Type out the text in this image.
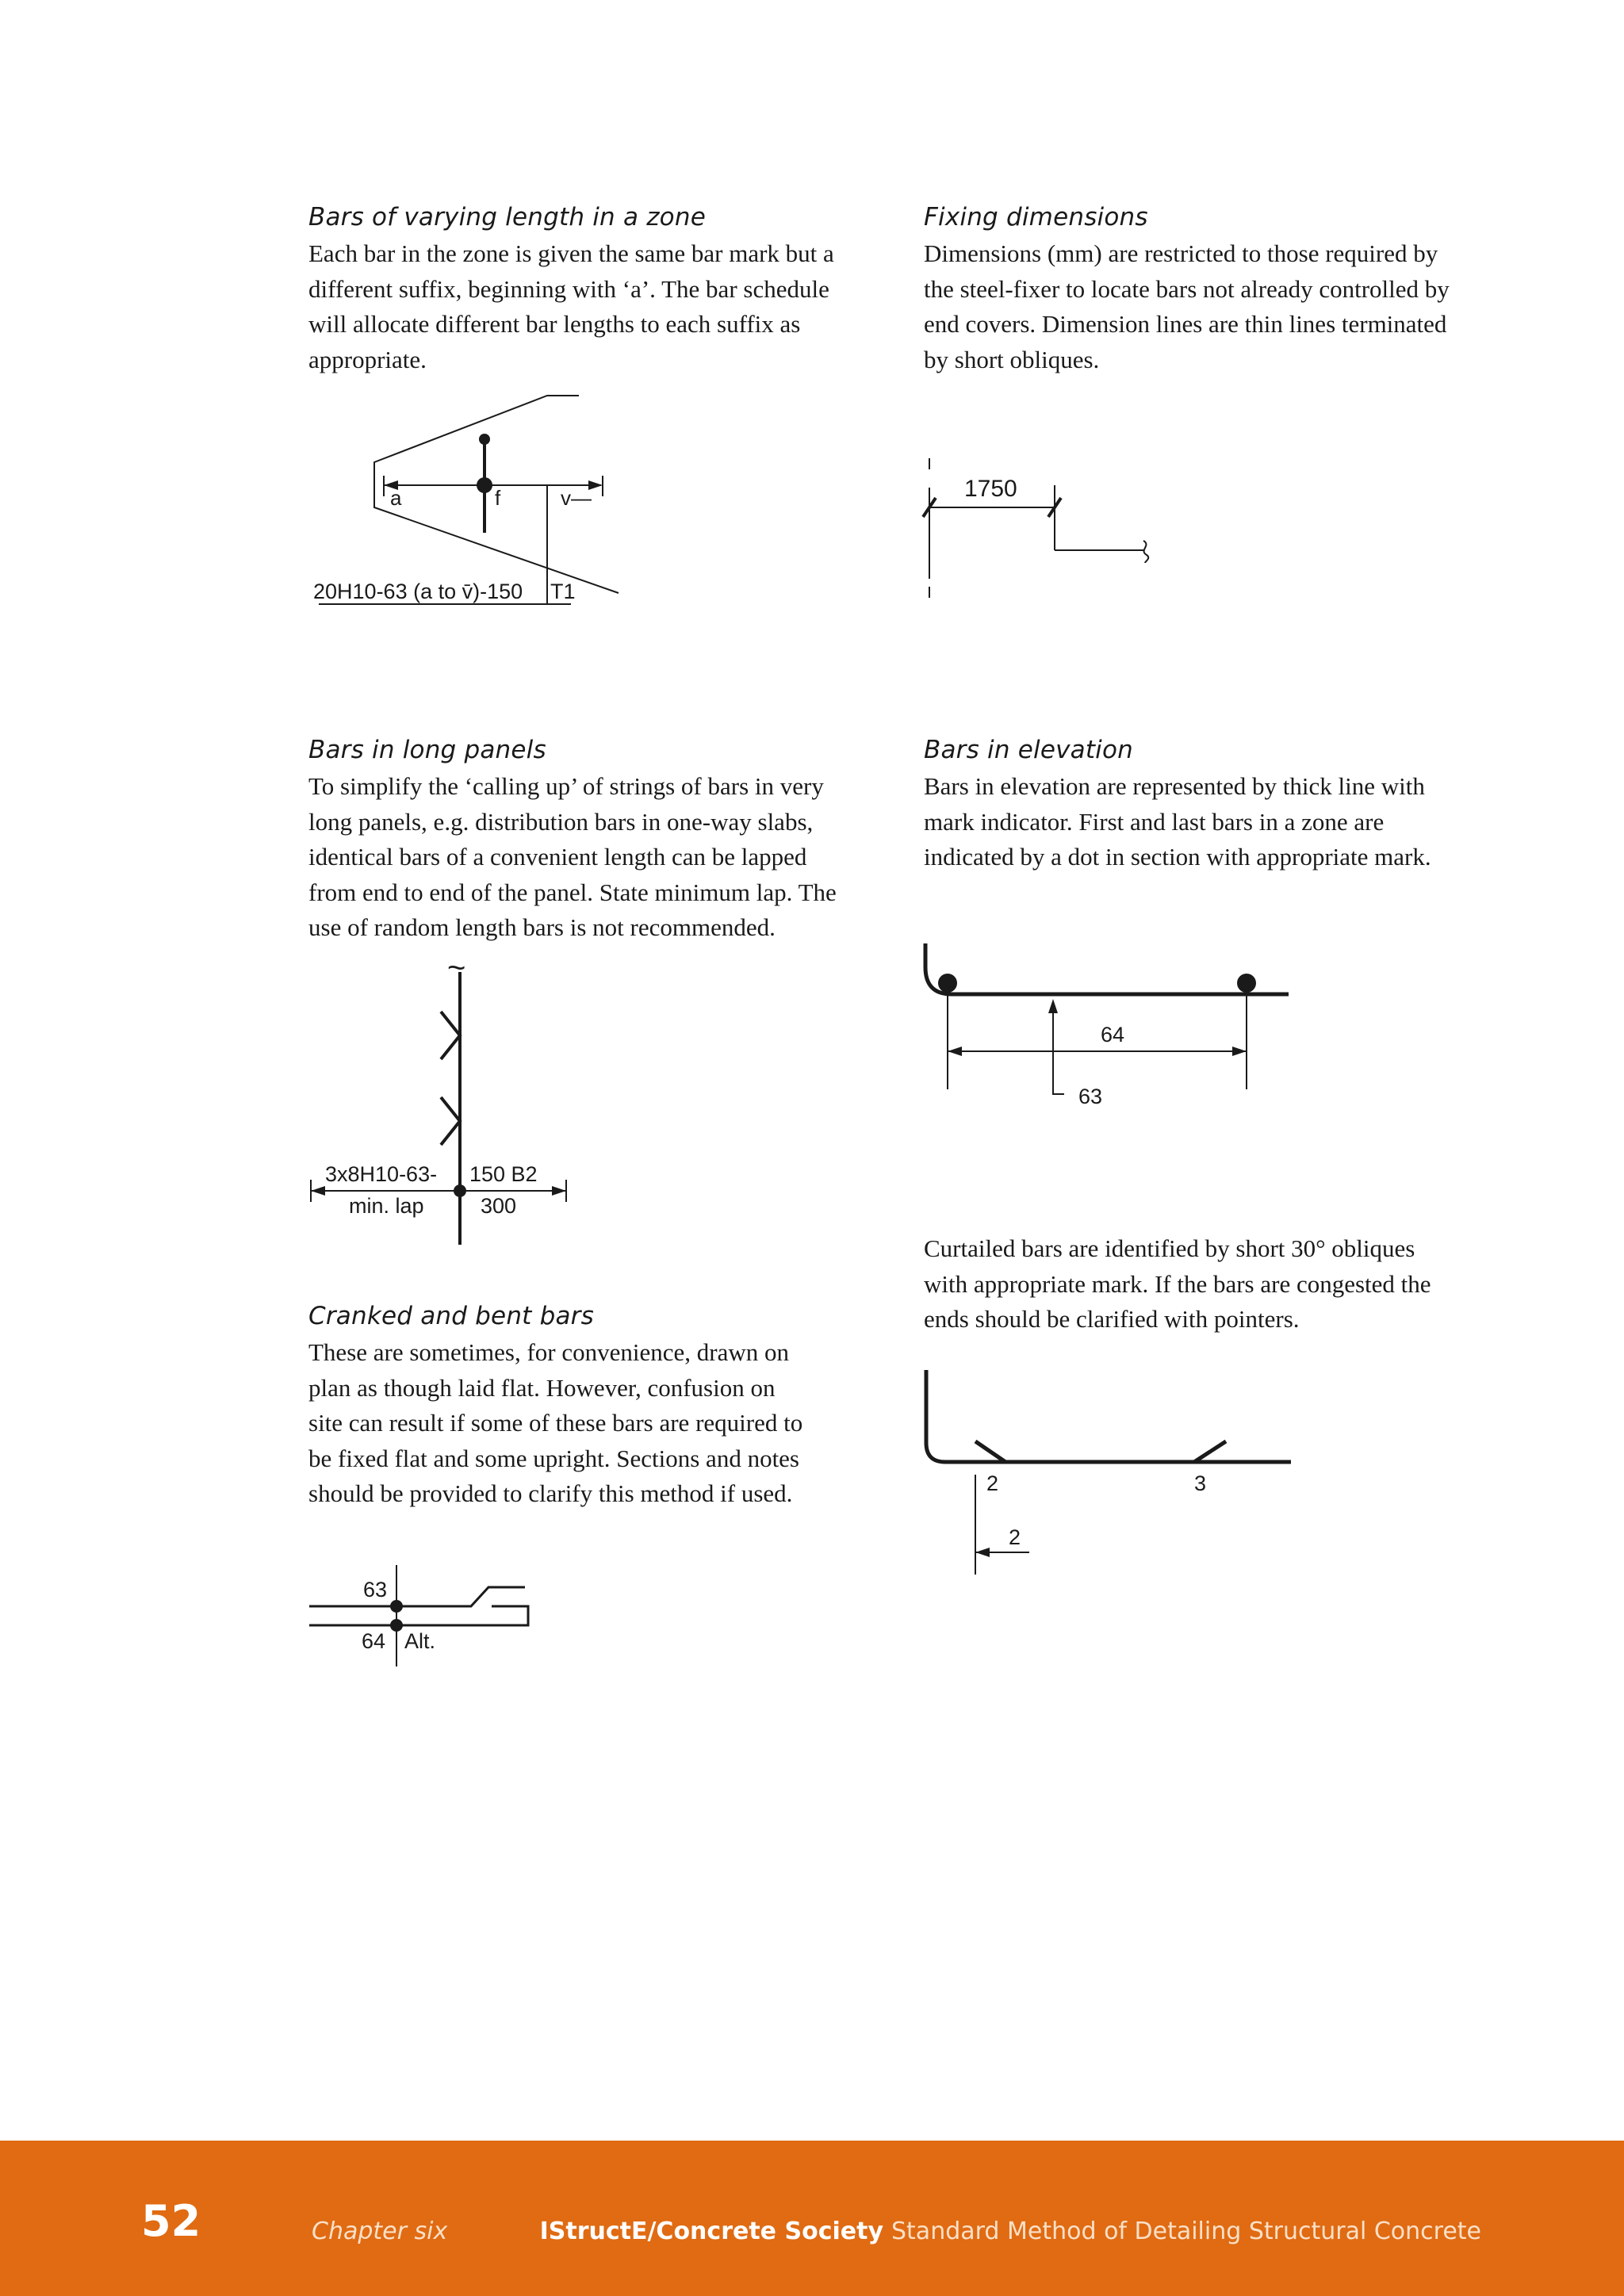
Bars of varying length in a zone
Each bar in the zone is given the same bar mark but a
different suffix, beginning with ‘a’. The bar schedule
will allocate different bar lengths to each suffix as
appropriate.
a	f	v—
20H10-63 (a to v̄)-150 T1
Fixing dimensions
Dimensions (mm) are restricted to those required by
the steel-fixer to locate bars not already controlled by
end covers. Dimension lines are thin lines terminated
by short obliques.
1750
Bars in long panels
To simplify the ‘calling up’ of strings of bars in very
long panels, e.g. distribution bars in one-way slabs,
identical bars of a convenient length can be lapped
from end to end of the panel. State minimum lap. The
use of random length bars is not recommended.
~
3x8H10-63- 150 B2
min. lap	300
Bars in elevation
Bars in elevation are represented by thick line with
mark indicator. First and last bars in a zone are
indicated by a dot in section with appropriate mark.
64
63
Curtailed bars are identified by short 30° obliques
with appropriate mark. If the bars are congested the
ends should be clarified with pointers.
2	3
2
Cranked and bent bars
These are sometimes, for convenience, drawn on
plan as though laid flat. However, confusion on
site can result if some of these bars are required to
be fixed flat and some upright. Sections and notes
should be provided to clarify this method if used.
63
64 Alt.
52	Chapter six	IStructE/Concrete Society Standard Method of Detailing Structural Concrete
